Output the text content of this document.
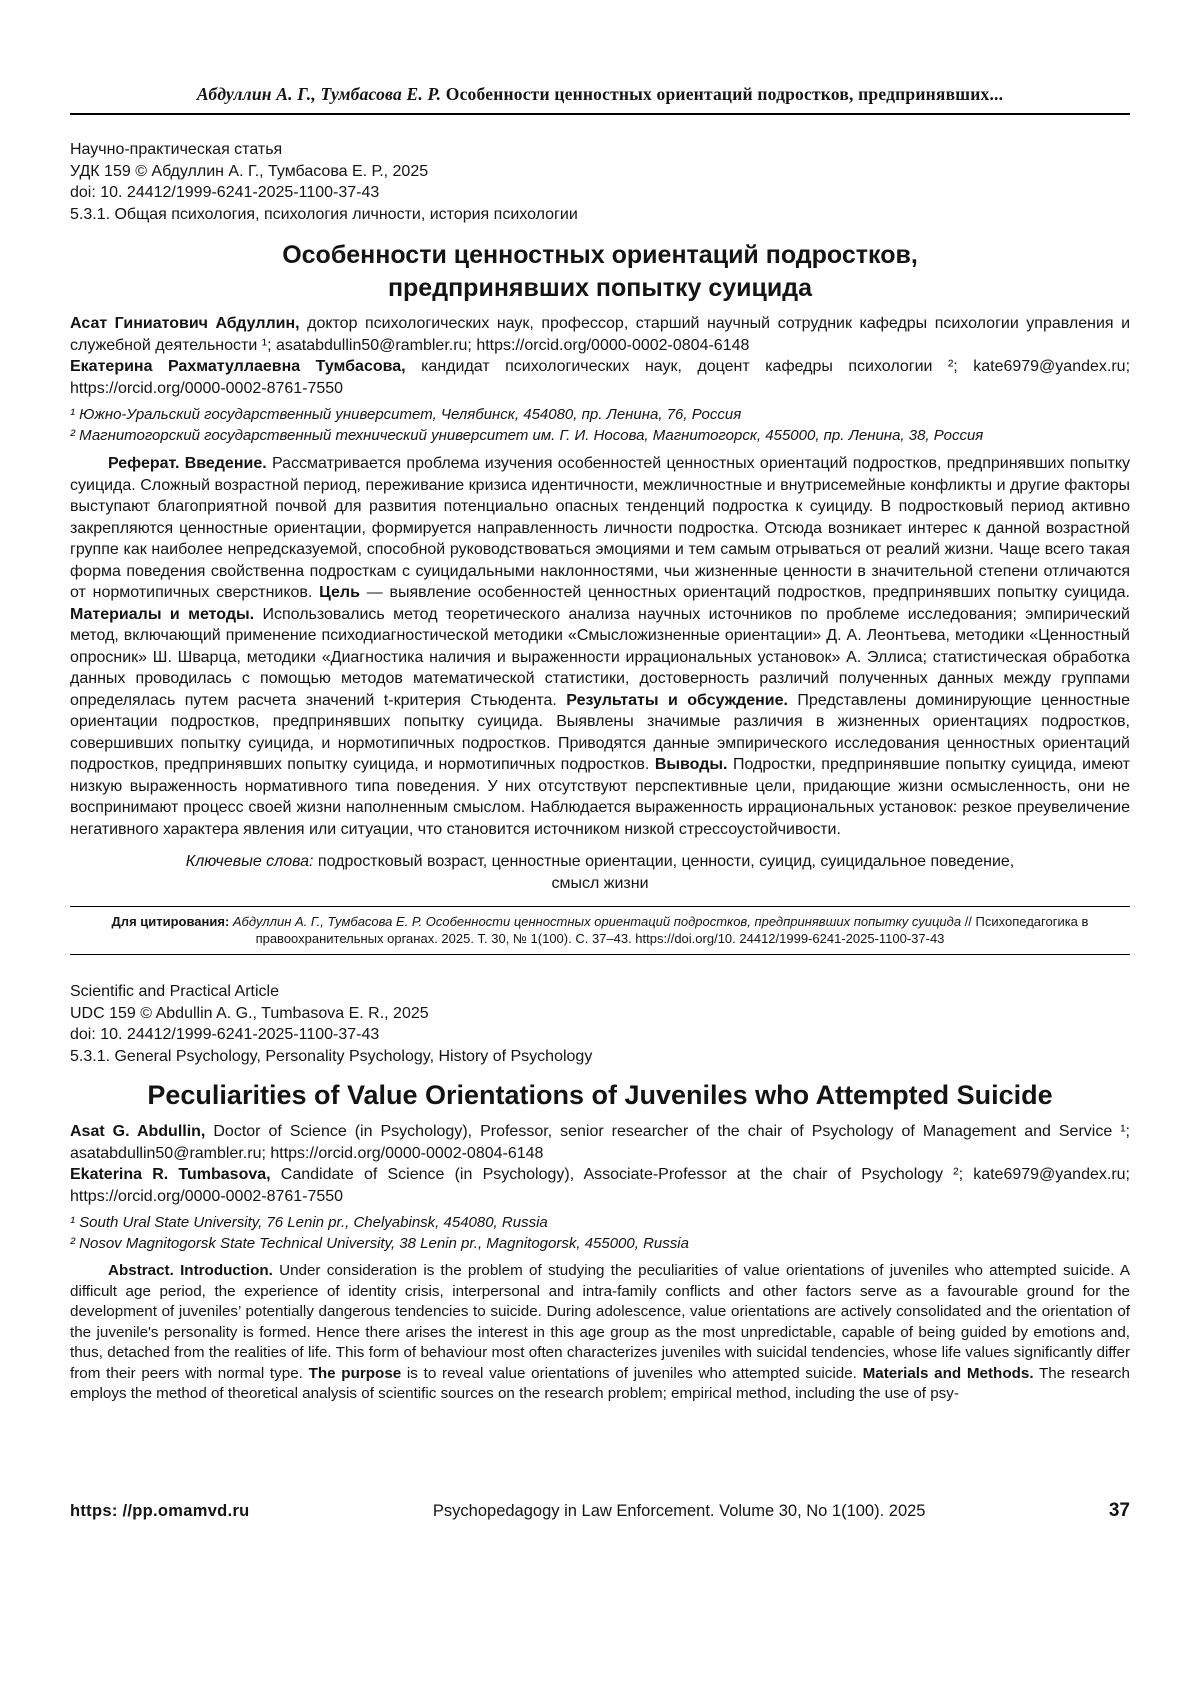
Абдуллин А. Г., Тумбасова Е. Р. Особенности ценностных ориентаций подростков, предпринявших...
Научно-практическая статья
УДК 159 © Абдуллин А. Г., Тумбасова Е. Р., 2025
doi: 10. 24412/1999-6241-2025-1100-37-43
5.3.1. Общая психология, психология личности, история психологии
Особенности ценностных ориентаций подростков, предпринявших попытку суицида

Асат Гиниатович Абдуллин, доктор психологических наук, профессор, старший научный сотрудник кафедры психологии управления и служебной деятельности ¹; asatabdullin50@rambler.ru; https://orcid.org/0000-0002-0804-6148

Екатерина Рахматуллаевна Тумбасова, кандидат психологических наук, доцент кафедры психологии ²; kate6979@yandex.ru; https://orcid.org/0000-0002-8761-7550

¹ Южно-Уральский государственный университет, Челябинск, 454080, пр. Ленина, 76, Россия
² Магнитогорский государственный технический университет им. Г. И. Носова, Магнитогорск, 455000, пр. Ленина, 38, Россия

Реферат. Введение. Рассматривается проблема изучения особенностей ценностных ориентаций подростков, предпринявших попытку суицида. Сложный возрастной период, переживание кризиса идентичности, межличностные и внутрисемейные конфликты и другие факторы выступают благоприятной почвой для развития потенциально опасных тенденций подростка к суициду. В подростковый период активно закрепляются ценностные ориентации, формируется направленность личности подростка. Отсюда возникает интерес к данной возрастной группе как наиболее непредсказуемой, способной руководствоваться эмоциями и тем самым отрываться от реалий жизни. Чаще всего такая форма поведения свойственна подросткам с суицидальными наклонностями, чьи жизненные ценности в значительной степени отличаются от нормотипичных сверстников. Цель — выявление особенностей ценностных ориентаций подростков, предпринявших попытку суицида. Материалы и методы. Использовались метод теоретического анализа научных источников по проблеме исследования; эмпирический метод, включающий применение психодиагностической методики «Смысложизненные ориентации» Д. А. Леонтьева, методики «Ценностный опросник» Ш. Шварца, методики «Диагностика наличия и выраженности иррациональных установок» А. Эллиса; статистическая обработка данных проводилась с помощью методов математической статистики, достоверность различий полученных данных между группами определялась путем расчета значений t-критерия Стьюдента. Результаты и обсуждение. Представлены доминирующие ценностные ориентации подростков, предпринявших попытку суицида. Выявлены значимые различия в жизненных ориентациях подростков, совершивших попытку суицида, и нормотипичных подростков. Приводятся данные эмпирического исследования ценностных ориентаций подростков, предпринявших попытку суицида, и нормотипичных подростков. Выводы. Подростки, предпринявшие попытку суицида, имеют низкую выраженность нормативного типа поведения. У них отсутствуют перспективные цели, придающие жизни осмысленность, они не воспринимают процесс своей жизни наполненным смыслом. Наблюдается выраженность иррациональных установок: резкое преувеличение негативного характера явления или ситуации, что становится источником низкой стрессоустойчивости.

Ключевые слова: подростковый возраст, ценностные ориентации, ценности, суицид, суицидальное поведение, смысл жизни

Для цитирования: Абдуллин А. Г., Тумбасова Е. Р. Особенности ценностных ориентаций подростков, предпринявших попытку суицида // Психопедагогика в правоохранительных органах. 2025. Т. 30, № 1(100). С. 37–43. https://doi.org/10. 24412/1999-6241-2025-1100-37-43
Scientific and Practical Article
UDC 159 © Abdullin A. G., Tumbasova E. R., 2025
doi: 10. 24412/1999-6241-2025-1100-37-43
5.3.1. General Psychology, Personality Psychology, History of Psychology
Peculiarities of Value Orientations of Juveniles who Attempted Suicide

Asat G. Abdullin, Doctor of Science (in Psychology), Professor, senior researcher of the chair of Psychology of Management and Service ¹; asatabdullin50@rambler.ru; https://orcid.org/0000-0002-0804-6148

Ekaterina R. Tumbasova, Candidate of Science (in Psychology), Associate-Professor at the chair of Psychology ²; kate6979@yandex.ru; https://orcid.org/0000-0002-8761-7550

¹ South Ural State University, 76 Lenin pr., Chelyabinsk, 454080, Russia
² Nosov Magnitogorsk State Technical University, 38 Lenin pr., Magnitogorsk, 455000, Russia

Abstract. Introduction. Under consideration is the problem of studying the peculiarities of value orientations of juveniles who attempted suicide. A difficult age period, the experience of identity crisis, interpersonal and intra-family conflicts and other factors serve as a favourable ground for the development of juveniles’ potentially dangerous tendencies to suicide. During adolescence, value orientations are actively consolidated and the orientation of the juvenile's personality is formed. Hence there arises the interest in this age group as the most unpredictable, capable of being guided by emotions and, thus, detached from the realities of life. This form of behaviour most often characterizes juveniles with suicidal tendencies, whose life values significantly differ from their peers with normal type. The purpose is to reveal value orientations of juveniles who attempted suicide. Materials and Methods. The research employs the method of theoretical analysis of scientific sources on the research problem; empirical method, including the use of psy-

https: //pp.omamvd.ru	Psychopedagogy in Law Enforcement. Volume 30, No 1(100). 2025	37
